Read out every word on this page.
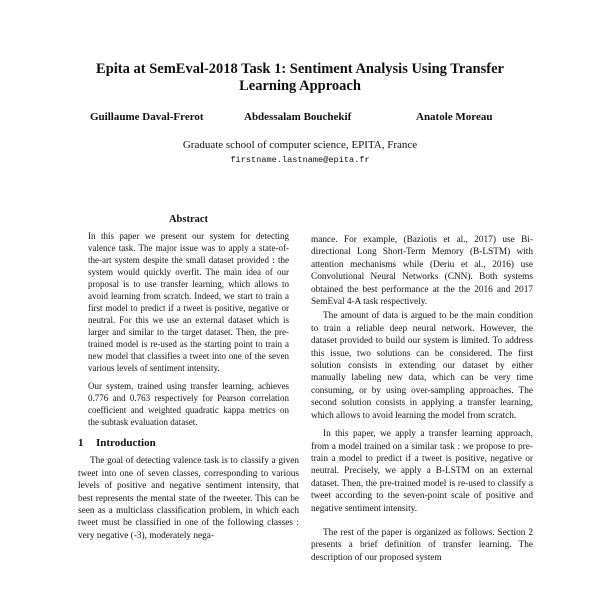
Epita at SemEval-2018 Task 1: Sentiment Analysis Using Transfer Learning Approach
Guillaume Daval-Frerot	Abdessalam Bouchekif	Anatole Moreau
Graduate school of computer science, EPITA, France
firstname.lastname@epita.fr
Abstract

In this paper we present our system for detecting valence task. The major issue was to apply a state-of-the-art system despite the small dataset provided : the system would quickly overfit. The main idea of our proposal is to use transfer learning, which allows to avoid learning from scratch. Indeed, we start to train a first model to predict if a tweet is positive, negative or neutral. For this we use an external dataset which is larger and similar to the target dataset. Then, the pre-trained model is re-used as the starting point to train a new model that classifies a tweet into one of the seven various levels of sentiment intensity.

Our system, trained using transfer learning, achieves 0.776 and 0.763 respectively for Pearson correlation coefficient and weighted quadratic kappa metrics on the subtask evaluation dataset.

1 Introduction

The goal of detecting valence task is to classify a given tweet into one of seven classes, corresponding to various levels of positive and negative sentiment intensity, that best represents the mental state of the tweeter. This can be seen as a multiclass classification problem, in which each tweet must be classified in one of the following classes : very negative (-3), moderately nega-

mance. For example, (Baziotis et al., 2017) use Bi-directional Long Short-Term Memory (B-LSTM) with attention mechanisms while (Deriu et al., 2016) use Convolutional Neural Networks (CNN). Both systems obtained the best performance at the the 2016 and 2017 SemEval 4-A task respectively.

The amount of data is argued to be the main condition to train a reliable deep neural network. However, the dataset provided to build our system is limited. To address this issue, two solutions can be considered. The first solution consists in extending our dataset by either manually labeling new data, which can be very time consuming, or by using over-sampling approaches. The second solution consists in applying a transfer learning, which allows to avoid learning the model from scratch.

In this paper, we apply a transfer learning approach, from a model trained on a similar task : we propose to pre-train a model to predict if a tweet is positive, negative or neutral. Precisely, we apply a B-LSTM on an external dataset. Then, the pre-trained model is re-used to classify a tweet according to the seven-point scale of positive and negative sentiment intensity.

The rest of the paper is organized as follows. Section 2 presents a brief definition of transfer learning. The description of our proposed system
